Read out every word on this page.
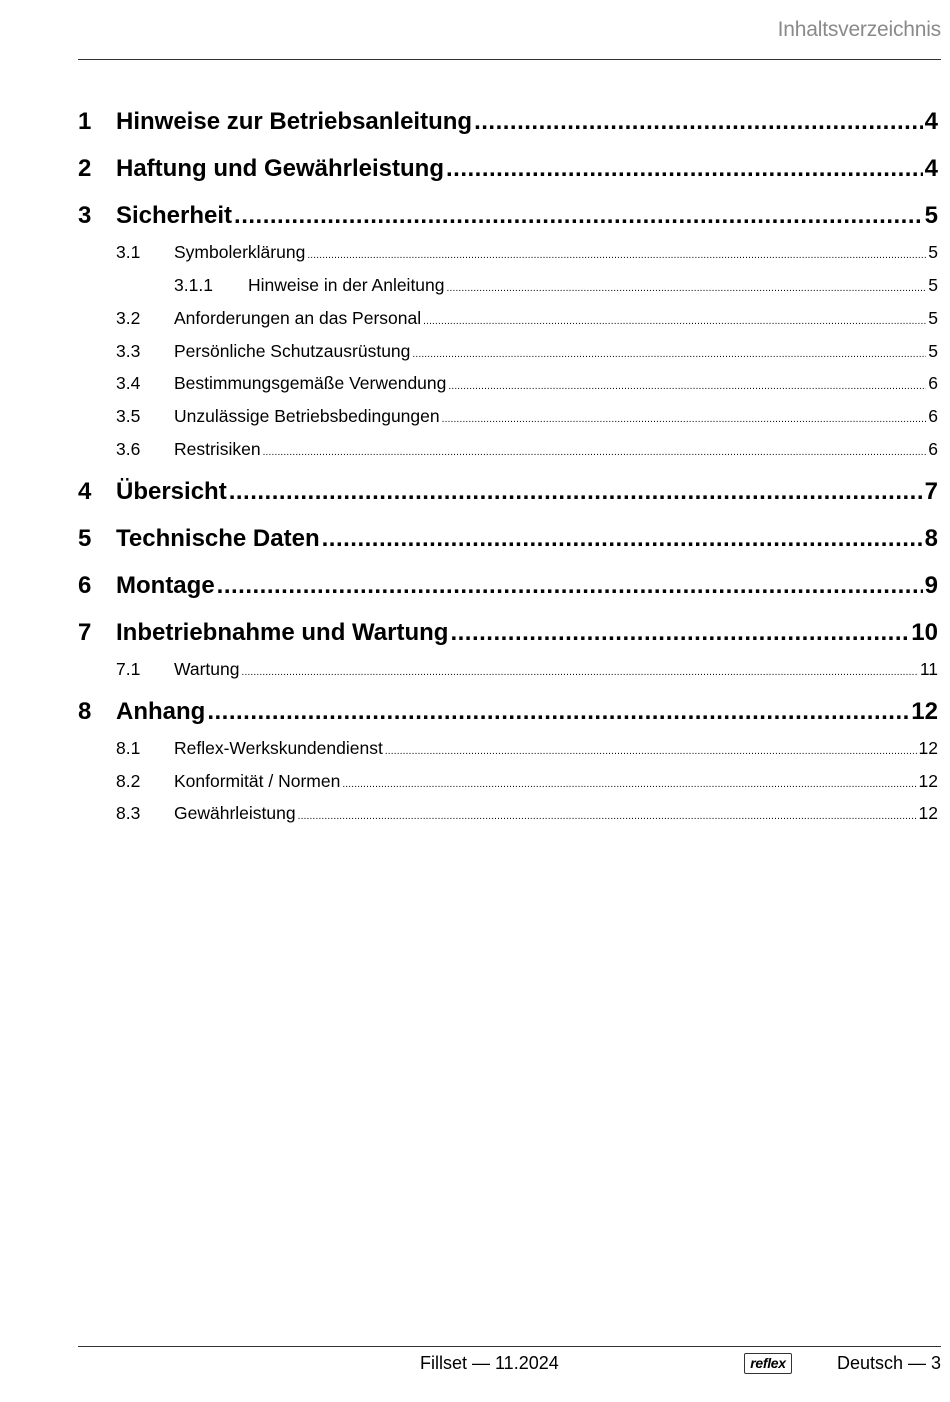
Inhaltsverzeichnis
1	Hinweise zur Betriebsanleitung .....	4
2	Haftung und Gewährleistung .....	4
3	Sicherheit .....	5
3.1	Symbolerklärung .....	5
3.1.1	Hinweise in der Anleitung .....	5
3.2	Anforderungen an das Personal .....	5
3.3	Persönliche Schutzausrüstung .....	5
3.4	Bestimmungsgemäße Verwendung .....	6
3.5	Unzulässige Betriebsbedingungen .....	6
3.6	Restrisiken .....	6
4	Übersicht .....	7
5	Technische Daten .....	8
6	Montage .....	9
7	Inbetriebnahme und Wartung .....	10
7.1	Wartung .....	11
8	Anhang .....	12
8.1	Reflex-Werkskundendienst .....	12
8.2	Konformität / Normen .....	12
8.3	Gewährleistung .....	12
Fillset — 11.2024	reflex	Deutsch — 3
